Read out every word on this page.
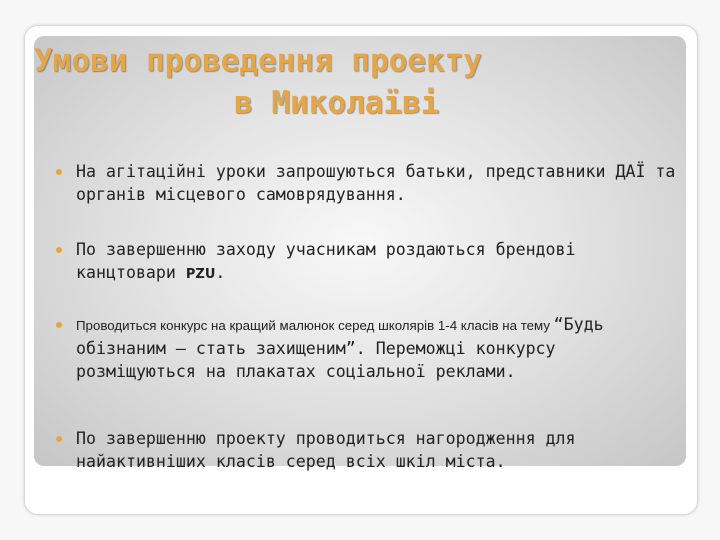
Умови проведення проекту
в Миколаїві
На агітаційні уроки запрошуються батьки, представники ДАЇ та органів місцевого самоврядування.
По завершенню заходу учасникам роздаються брендові канцтовари PZU.
Проводиться конкурс на кращий малюнок серед школярів 1-4 класів на тему “Будь обізнаним – стать захищеним”. Переможці конкурсу розміщуються на плакатах соціальної реклами.
По завершенню проекту проводиться нагородження для найактивніших класів серед всіх шкіл міста.
